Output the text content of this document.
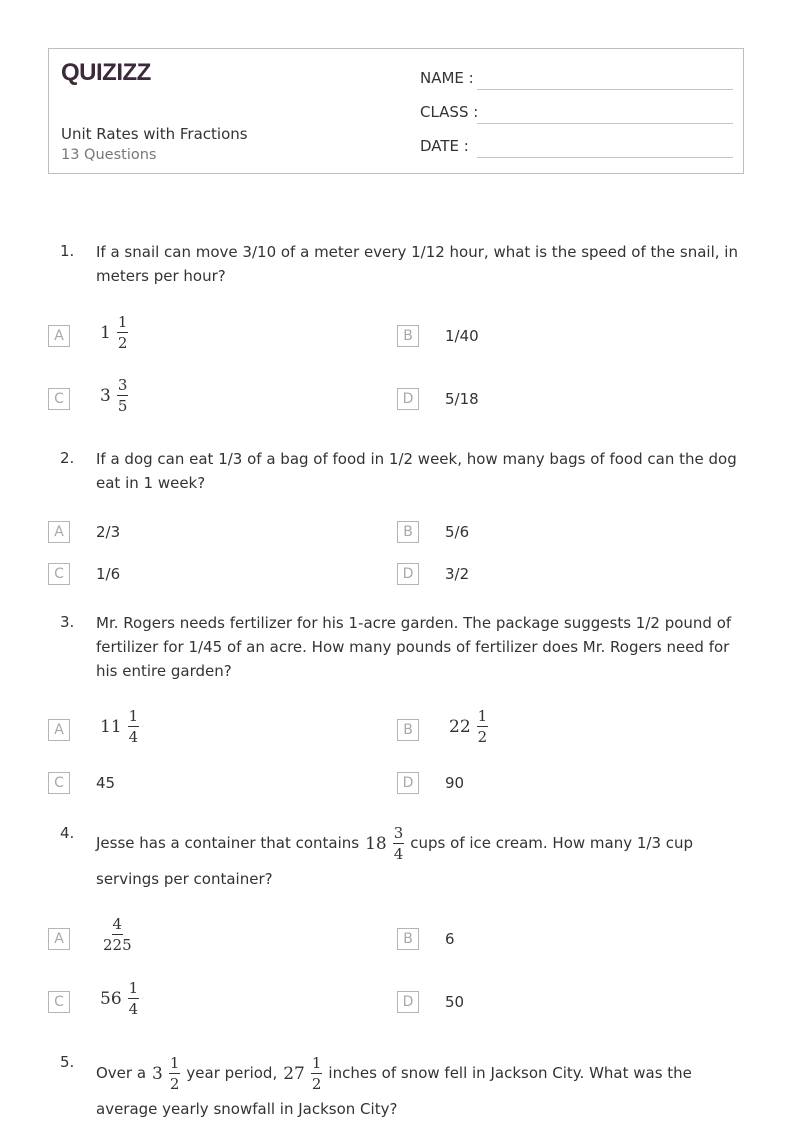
QUIZIZZ
Unit Rates with Fractions
13 Questions
NAME :
CLASS :
DATE :
1. If a snail can move 3/10 of a meter every 1/12 hour, what is the speed of the snail, in meters per hour?
A	$1 \frac{1}{2}$	B	1/40
C	$3 \frac{3}{5}$	D	5/18
2. If a dog can eat 1/3 of a bag of food in 1/2 week, how many bags of food can the dog eat in 1 week?
A	2/3	B	5/6
C	1/6	D	3/2
3. Mr. Rogers needs fertilizer for his 1-acre garden. The package suggests 1/2 pound of fertilizer for 1/45 of an acre. How many pounds of fertilizer does Mr. Rogers need for his entire garden?
A	$11 \frac{1}{4}$	B	$22 \frac{1}{2}$
C	45	D	90
4.
Jesse has a container that contains $18 \frac{3}{4}$ cups of ice cream. How many 1/3 cup
servings per container?
A	$\frac{4}{225}$	B	6
C	$56 \frac{1}{4}$	D	50
5.
Over a $3 \frac{1}{2}$ year period, $27 \frac{1}{2}$ inches of snow fell in Jackson City. What was the
average yearly snowfall in Jackson City?
